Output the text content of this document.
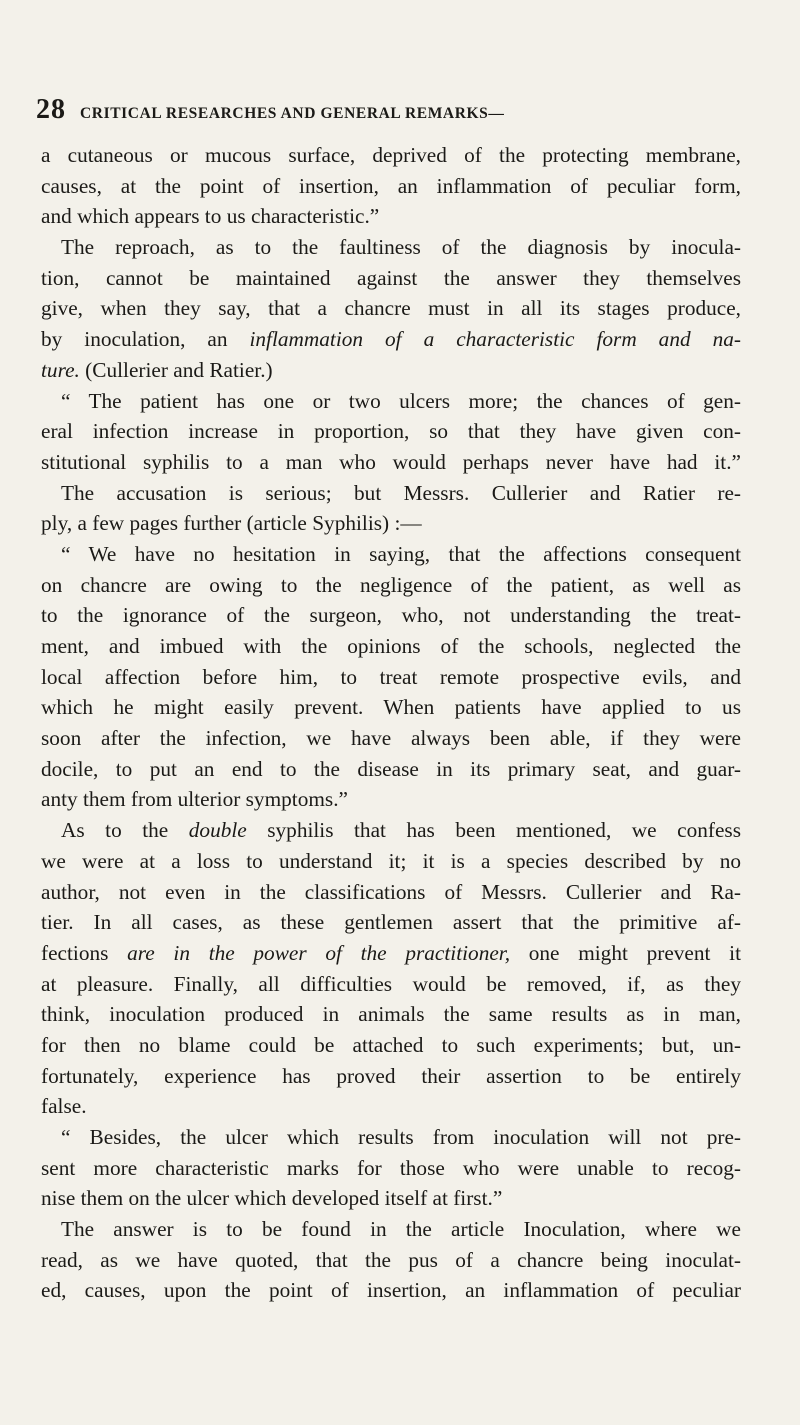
28 CRITICAL RESEARCHES AND GENERAL REMARKS—
a cutaneous or mucous surface, deprived of the protecting membrane,
causes, at the point of insertion, an inflammation of peculiar form,
and which appears to us characteristic.”
The reproach, as to the faultiness of the diagnosis by inocula-
tion, cannot be maintained against the answer they themselves
give, when they say, that a chancre must in all its stages produce,
by inoculation, an inflammation of a characteristic form and na-
ture. (Cullerier and Ratier.)
“ The patient has one or two ulcers more; the chances of gen-
eral infection increase in proportion, so that they have given con-
stitutional syphilis to a man who would perhaps never have had it.”
The accusation is serious; but Messrs. Cullerier and Ratier re-
ply, a few pages further (article Syphilis) :—
“ We have no hesitation in saying, that the affections consequent
on chancre are owing to the negligence of the patient, as well as
to the ignorance of the surgeon, who, not understanding the treat-
ment, and imbued with the opinions of the schools, neglected the
local affection before him, to treat remote prospective evils, and
which he might easily prevent. When patients have applied to us
soon after the infection, we have always been able, if they were
docile, to put an end to the disease in its primary seat, and guar-
anty them from ulterior symptoms.”
As to the double syphilis that has been mentioned, we confess
we were at a loss to understand it; it is a species described by no
author, not even in the classifications of Messrs. Cullerier and Ra-
tier. In all cases, as these gentlemen assert that the primitive af-
fections are in the power of the practitioner, one might prevent it
at pleasure. Finally, all difficulties would be removed, if, as they
think, inoculation produced in animals the same results as in man,
for then no blame could be attached to such experiments; but, un-
fortunately, experience has proved their assertion to be entirely
false.
“ Besides, the ulcer which results from inoculation will not pre-
sent more characteristic marks for those who were unable to recog-
nise them on the ulcer which developed itself at first.”
The answer is to be found in the article Inoculation, where we
read, as we have quoted, that the pus of a chancre being inoculat-
ed, causes, upon the point of insertion, an inflammation of peculiar
